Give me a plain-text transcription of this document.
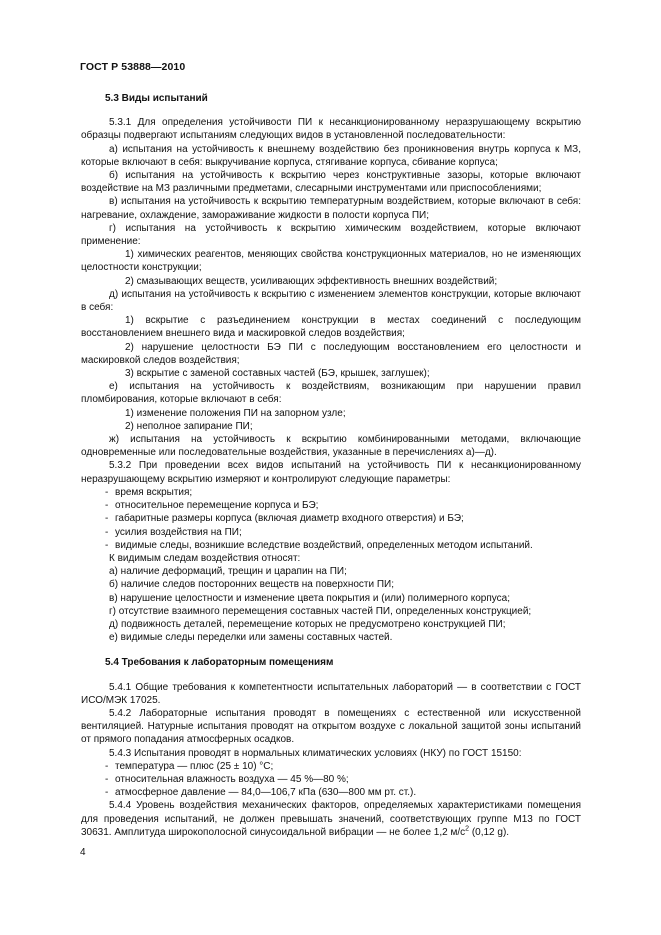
ГОСТ Р 53888—2010

5.3 Виды испытаний

5.3.1 Для определения устойчивости ПИ к несанкционированному неразрушающему вскрытию образцы подвергают испытаниям следующих видов в установленной последовательности:

а) испытания на устойчивость к внешнему воздействию без проникновения внутрь корпуса к МЗ, которые включают в себя: выкручивание корпуса, стягивание корпуса, сбивание корпуса;

б) испытания на устойчивость к вскрытию через конструктивные зазоры, которые включают воздействие на МЗ различными предметами, слесарными инструментами или приспособлениями;

в) испытания на устойчивость к вскрытию температурным воздействием, которые включают в себя: нагревание, охлаждение, замораживание жидкости в полости корпуса ПИ;

г) испытания на устойчивость к вскрытию химическим воздействием, которые включают применение:

1) химических реагентов, меняющих свойства конструкционных материалов, но не изменяющих целостности конструкции;

2) смазывающих веществ, усиливающих эффективность внешних воздействий;

д) испытания на устойчивость к вскрытию с изменением элементов конструкции, которые включают в себя:

1) вскрытие с разъединением конструкции в местах соединений с последующим восстановлением внешнего вида и маскировкой следов воздействия;

2) нарушение целостности БЭ ПИ с последующим восстановлением его целостности и маскировкой следов воздействия;

3) вскрытие с заменой составных частей (БЭ, крышек, заглушек);

е) испытания на устойчивость к воздействиям, возникающим при нарушении правил пломбирования, которые включают в себя:

1) изменение положения ПИ на запорном узле;

2) неполное запирание ПИ;

ж) испытания на устойчивость к вскрытию комбинированными методами, включающие одновременные или последовательные воздействия, указанные в перечислениях а)—д).

5.3.2 При проведении всех видов испытаний на устойчивость ПИ к несанкционированному неразрушающему вскрытию измеряют и контролируют следующие параметры:

- время вскрытия;

- относительное перемещение корпуса и БЭ;

- габаритные размеры корпуса (включая диаметр входного отверстия) и БЭ;

- усилия воздействия на ПИ;

- видимые следы, возникшие вследствие воздействий, определенных методом испытаний.

К видимым следам воздействия относят:

а) наличие деформаций, трещин и царапин на ПИ;

б) наличие следов посторонних веществ на поверхности ПИ;

в) нарушение целостности и изменение цвета покрытия и (или) полимерного корпуса;

г) отсутствие взаимного перемещения составных частей ПИ, определенных конструкцией;

д) подвижность деталей, перемещение которых не предусмотрено конструкцией ПИ;

е) видимые следы переделки или замены составных частей.

5.4 Требования к лабораторным помещениям

5.4.1 Общие требования к компетентности испытательных лабораторий — в соответствии с ГОСТ ИСО/МЭК 17025.

5.4.2 Лабораторные испытания проводят в помещениях с естественной или искусственной вентиляцией. Натурные испытания проводят на открытом воздухе с локальной защитой зоны испытаний от прямого попадания атмосферных осадков.

5.4.3 Испытания проводят в нормальных климатических условиях (НКУ) по ГОСТ 15150:

- температура — плюс (25 ± 10) °С;

- относительная влажность воздуха — 45 %—80 %;

- атмосферное давление — 84,0—106,7 кПа (630—800 мм рт. ст.).

5.4.4 Уровень воздействия механических факторов, определяемых характеристиками помещения для проведения испытаний, не должен превышать значений, соответствующих группе М13 по ГОСТ 30631. Амплитуда широкополосной синусоидальной вибрации — не более 1,2 $м/с^2$ (0,12 g).

4
